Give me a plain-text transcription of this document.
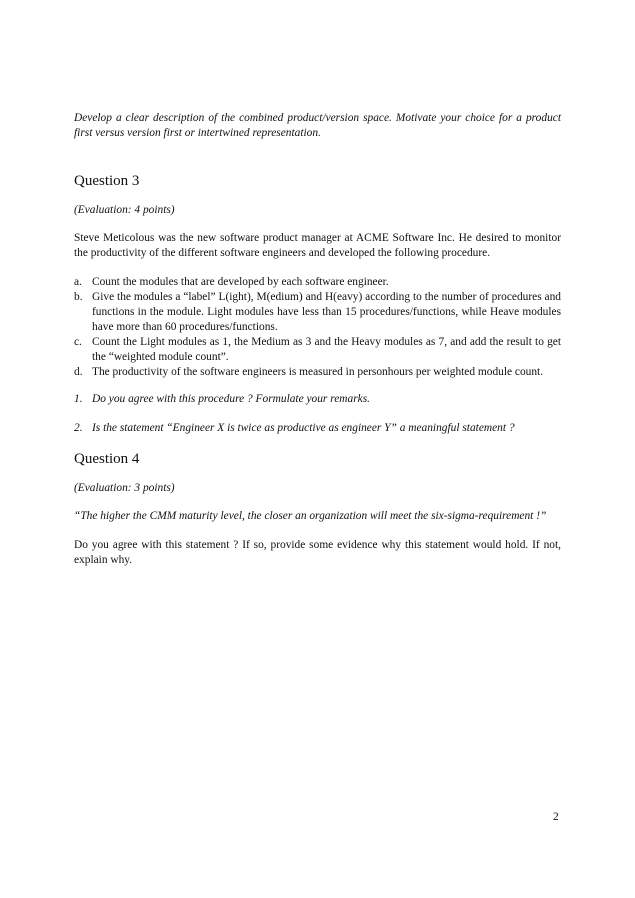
Develop a clear description of the combined product/version space. Motivate your choice for a product first versus version first or intertwined representation.

Question 3

(Evaluation: 4 points)

Steve Meticolous was the new software product manager at ACME Software Inc. He desired to monitor the productivity of the different software engineers and developed the following procedure.

a. Count the modules that are developed by each software engineer.
b. Give the modules a “label” L(ight), M(edium) and H(eavy) according to the number of procedures and functions in the module. Light modules have less than 15 procedures/functions, while Heave modules have more than 60 procedures/functions.
c. Count the Light modules as 1, the Medium as 3 and the Heavy modules as 7, and add the result to get the “weighted module count”.
d. The productivity of the software engineers is measured in personhours per weighted module count.
1. Do you agree with this procedure ? Formulate your remarks.
2. Is the statement “Engineer X is twice as productive as engineer Y” a meaningful statement ?
Question 4

(Evaluation: 3 points)

“The higher the CMM maturity level, the closer an organization will meet the six-sigma-requirement !”

Do you agree with this statement ? If so, provide some evidence why this statement would hold. If not, explain why.

2
